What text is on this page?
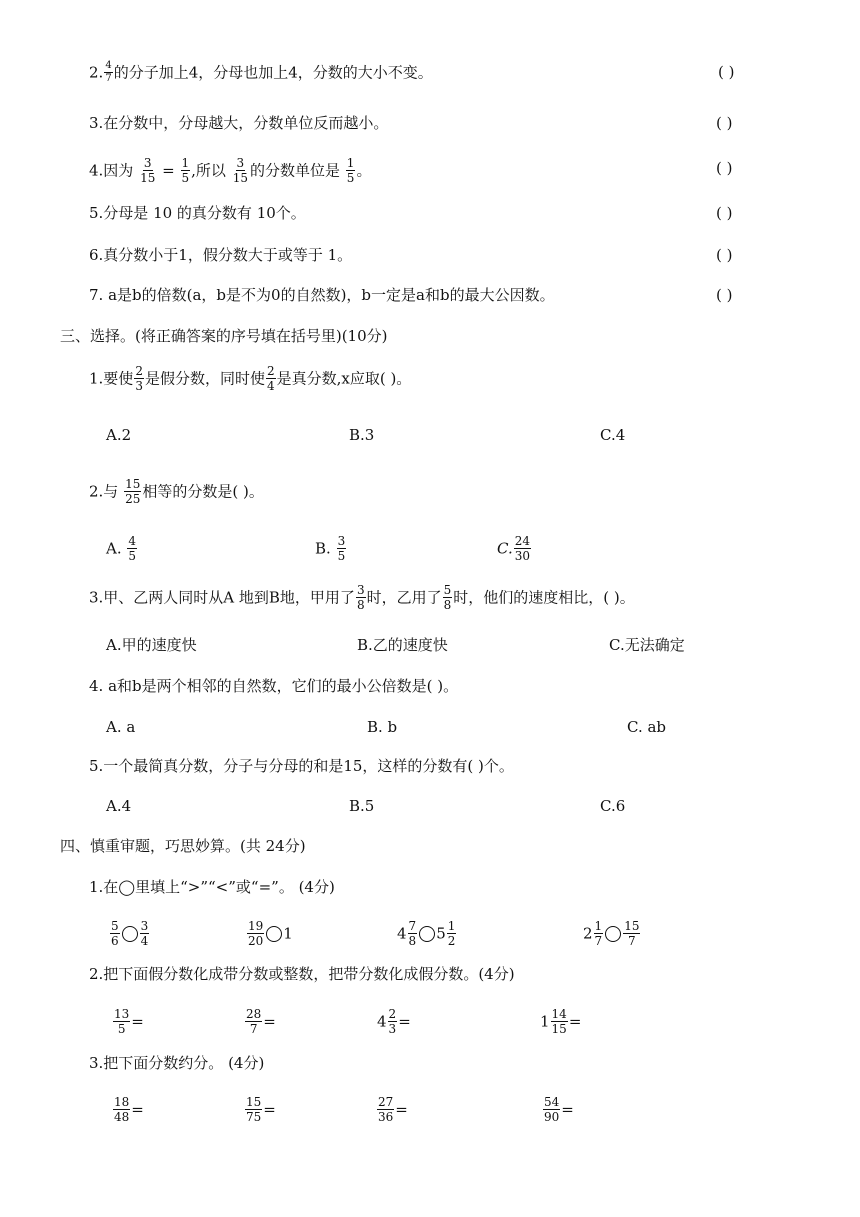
2. $\frac{4}{7}$ 的分子加上4，分母也加上4，分数的大小不变。	( )
3.在分数中，分母越大，分数单位反而越小。	( )
4.因为 $\frac{3}{15} = \frac{1}{5}$ ,所以 $\frac{3}{15}$ 的分数单位是 $\frac{1}{5}$ 。	( )
5.分母是 10 的真分数有 10个。	( )
6.真分数小于1，假分数大于或等于 1。	( )
7. a是b的倍数(a，b是不为0的自然数)，b一定是a和b的最大公因数。	( )
三、选择。(将正确答案的序号填在括号里)(10分)
1.要使 $\frac{2}{3}$ 是假分数，同时使 $\frac{2}{4}$ 是真分数,x应取( )。
A.2	B.3	C.4
2.与 $\frac{15}{25}$ 相等的分数是( )。
A. $\frac{4}{5}$	B. $\frac{3}{5}$	C. $\frac{24}{30}$
3.甲、乙两人同时从A 地到B地，甲用了 $\frac{3}{8}$ 时，乙用了 $\frac{5}{8}$ 时，他们的速度相比，( )。
A.甲的速度快	B.乙的速度快	C.无法确定
4. a和b是两个相邻的自然数，它们的最小公倍数是( )。
A. a	B. b	C. ab
5.一个最简真分数，分子与分母的和是15，这样的分数有( )个。
A.4	B.5	C.6
四、慎重审题，巧思妙算。(共 24分)
1.在◯里填上“>”“<”或“=”。 (4分)
$\frac{5}{6} \frac{3}{4}$	$\frac{19}{20} 1$	$4 \frac{7}{8} 5 \frac{1}{2}$	$2 \frac{1}{7} \frac{15}{7}$
2.把下面假分数化成带分数或整数，把带分数化成假分数。(4分)
$\frac{13}{5}$ =	$\frac{28}{7}$ =	$4 \frac{2}{3}$ =	$1 \frac{14}{15}$ =
3.把下面分数约分。 (4分)
$\frac{18}{48}$ =	$\frac{15}{75}$ =	$\frac{27}{36}$ =	$\frac{54}{90}$ =
